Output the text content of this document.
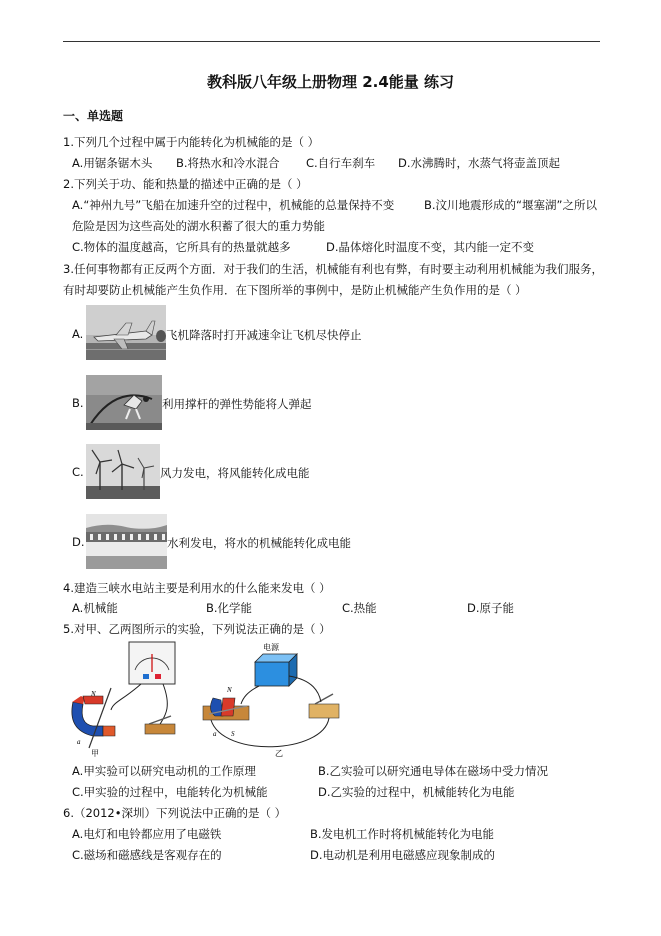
教科版八年级上册物理 2.4能量 练习
一、单选题
1.下列几个过程中属于内能转化为机械能的是（ ）
A.用锯条锯木头 B.将热水和冷水混合 C.自行车刹车 D.水沸腾时，水蒸气将壶盖顶起
2.下列关于功、能和热量的描述中正确的是（ ）
A.“神州九号”飞船在加速升空的过程中，机械能的总量保持不变	B.汶川地震形成的“堰塞湖”之所以
危险是因为这些高处的湖水积蓄了很大的重力势能
C.物体的温度越高，它所具有的热量就越多	D.晶体熔化时温度不变，其内能一定不变
3.任何事物都有正反两个方面．对于我们的生活，机械能有利也有弊，有时要主动利用机械能为我们服务，
有时却要防止机械能产生负作用．在下图所举的事例中，是防止机械能产生负作用的是（ ）
A.	飞机降落时打开减速伞让飞机尽快停止
B.	利用撑杆的弹性势能将人弹起
C.	风力发电，将风能转化成电能
D.	水利发电，将水的机械能转化成电能
4.建造三峡水电站主要是利用水的什么能来发电（ ）
A.机械能	B.化学能	C.热能	D.原子能
5.对甲、乙两图所示的实验，下列说法正确的是（ ）
N
a
甲
电源
N
a S
乙
A.甲实验可以研究电动机的工作原理	B.乙实验可以研究通电导体在磁场中受力情况
C.甲实验的过程中，电能转化为机械能	D.乙实验的过程中，机械能转化为电能
6.（2012•深圳）下列说法中正确的是（ ）
A.电灯和电铃都应用了电磁铁	B.发电机工作时将机械能转化为电能
C.磁场和磁感线是客观存在的	D.电动机是利用电磁感应现象制成的
